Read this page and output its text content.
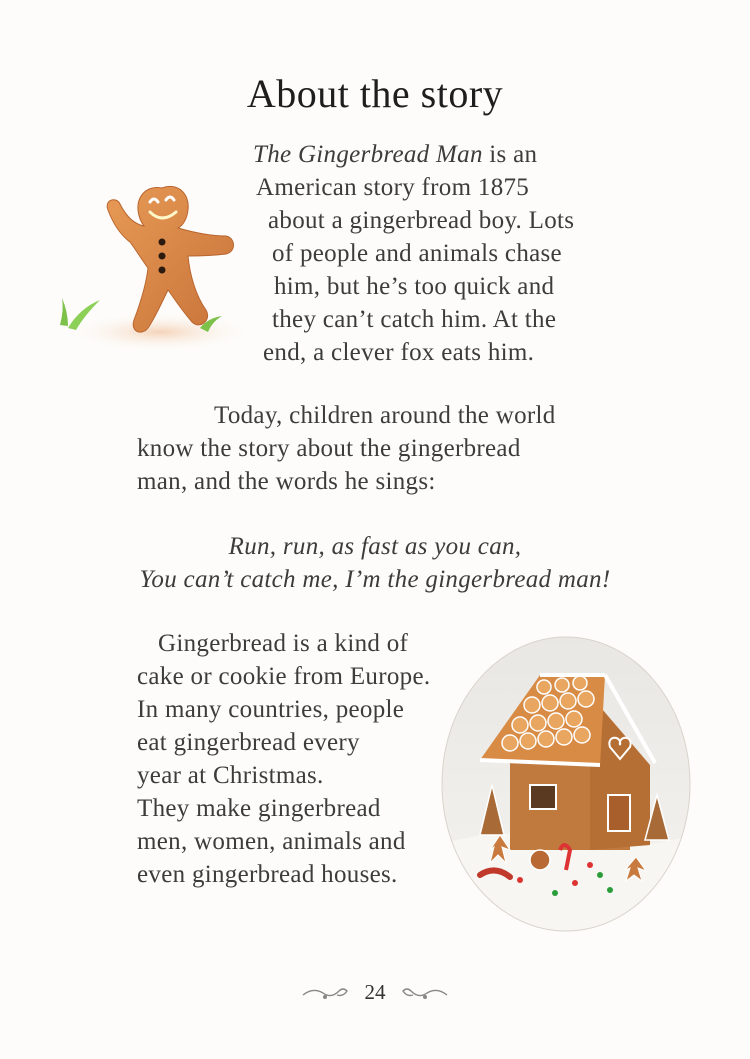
About the story
The Gingerbread Man is an
American story from 1875
about a gingerbread boy. Lots
of people and animals chase
him, but he’s too quick and
they can’t catch him. At the
end, a clever fox eats him.
Today, children around the world
know the story about the gingerbread
man, and the words he sings:
Run, run, as fast as you can,
You can’t catch me, I’m the gingerbread man!
Gingerbread is a kind of
cake or cookie from Europe.
In many countries, people
eat gingerbread every
year at Christmas.
They make gingerbread
men, women, animals and
even gingerbread houses.
24
